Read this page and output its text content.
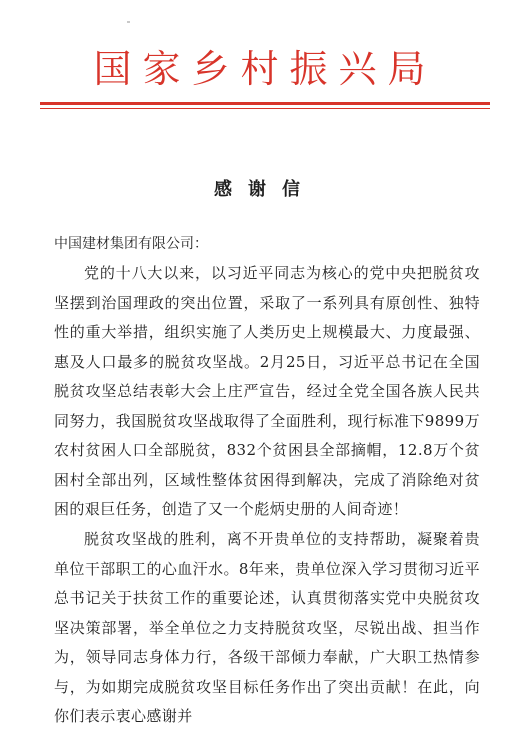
国家乡村振兴局
感谢信
中国建材集团有限公司：

党的十八大以来，以习近平同志为核心的党中央把脱贫攻坚摆到治国理政的突出位置，采取了一系列具有原创性、独特性的重大举措，组织实施了人类历史上规模最大、力度最强、惠及人口最多的脱贫攻坚战。2月25日，习近平总书记在全国脱贫攻坚总结表彰大会上庄严宣告，经过全党全国各族人民共同努力，我国脱贫攻坚战取得了全面胜利，现行标准下9899万农村贫困人口全部脱贫，832个贫困县全部摘帽，12.8万个贫困村全部出列，区域性整体贫困得到解决，完成了消除绝对贫困的艰巨任务，创造了又一个彪炳史册的人间奇迹！

脱贫攻坚战的胜利，离不开贵单位的支持帮助，凝聚着贵单位干部职工的心血汗水。8年来，贵单位深入学习贯彻习近平总书记关于扶贫工作的重要论述，认真贯彻落实党中央脱贫攻坚决策部署，举全单位之力支持脱贫攻坚，尽锐出战、担当作为，领导同志身体力行，各级干部倾力奉献，广大职工热情参与，为如期完成脱贫攻坚目标任务作出了突出贡献！在此，向你们表示衷心感谢并
